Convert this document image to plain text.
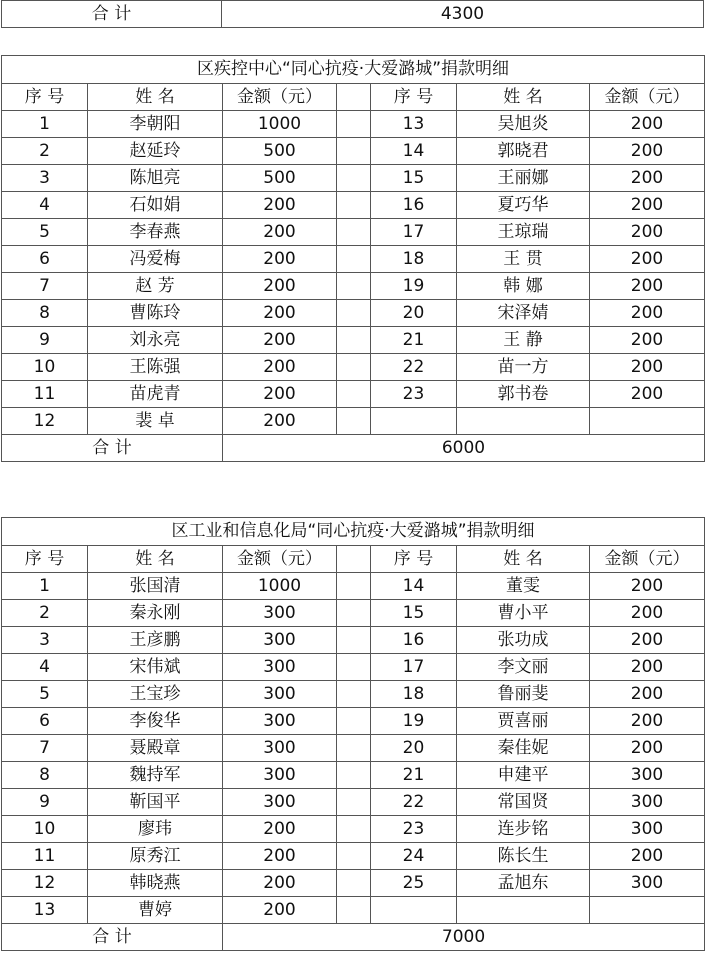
合 计	4300
区疾控中心“同心抗疫·大爱潞城”捐款明细						
序 号	姓 名	金额（元）		序 号	姓 名	金额（元）
1	李朝阳	1000		13	吴旭炎	200
2	赵延玲	500		14	郭晓君	200
3	陈旭亮	500		15	王丽娜	200
4	石如娟	200		16	夏巧华	200
5	李春燕	200		17	王琼瑞	200
6	冯爱梅	200		18	王 贯	200
7	赵 芳	200		19	韩 娜	200
8	曹陈玲	200		20	宋泽婧	200
9	刘永亮	200		21	王 静	200
10	王陈强	200		22	苗一方	200
11	苗虎青	200		23	郭书卷	200
12	裴 卓	200				
合 计		6000				
区工业和信息化局“同心抗疫·大爱潞城”捐款明细						
序 号	姓 名	金额（元）		序 号	姓 名	金额（元）
1	张国清	1000		14	董雯	200
2	秦永刚	300		15	曹小平	200
3	王彦鹏	300		16	张功成	200
4	宋伟斌	300		17	李文丽	200
5	王宝珍	300		18	鲁丽斐	200
6	李俊华	300		19	贾喜丽	200
7	聂殿章	300		20	秦佳妮	200
8	魏持军	300		21	申建平	300
9	靳国平	300		22	常国贤	300
10	廖玮	200		23	连步铭	300
11	原秀江	200		24	陈长生	200
12	韩晓燕	200		25	孟旭东	300
13	曹婷	200				
合 计		7000				
